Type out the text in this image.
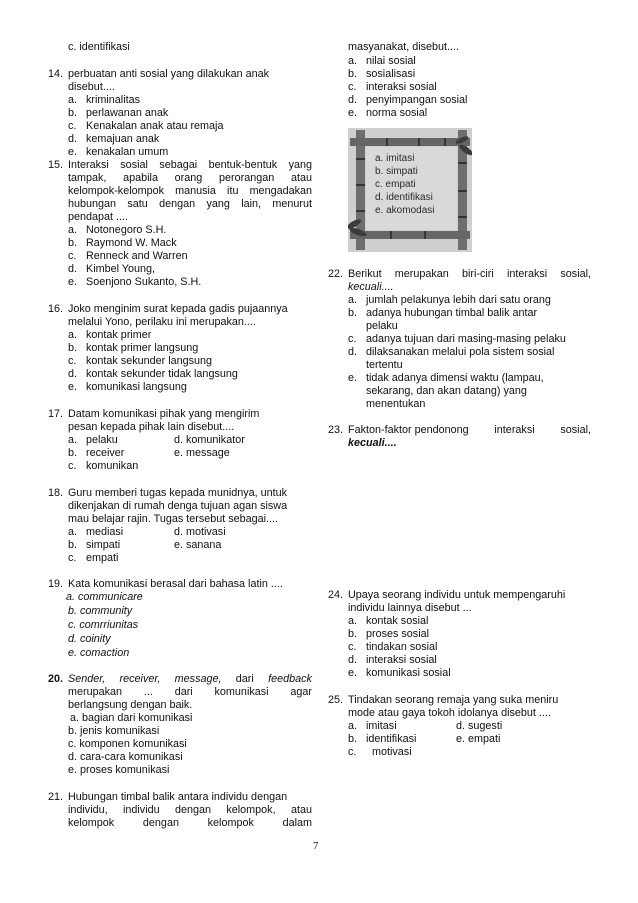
c. identifikasi
14. perbuatan anti sosial yang dilakukan anak
disebut....
a. kriminalitas
b. perlawanan anak
c. Kenakalan anak atau remaja
d. kemajuan anak
e. kenakalan umum
15. Interaksi sosial sebagai bentuk-bentuk yang
tampak, apabila orang perorangan atau
kelompok-kelompok manusia itu mengadakan
hubungan satu dengan yang lain, menurut
pendapat ....
a. Notonegoro S.H.
b. Raymond W. Mack
c. Renneck and Warren
d. Kimbel Young,
e. Soenjono Sukanto, S.H.
16. Joko menginim surat kepada gadis pujaannya
melalui Yono, perilaku ini merupakan....
a. kontak primer
b. kontak primer langsung
c. kontak sekunder langsung
d. kontak sekunder tidak langsung
e. komunikasi langsung
17. Datam komunikasi pihak yang mengirim
pesan kepada pihak lain disebut....
a. pelaku	d. komunikator
b. receiver	e. message
c. komunikan
18. Guru memberi tugas kepada munidnya, untuk
dikenjakan di rumah denga tujuan agan siswa
mau belajar rajin. Tugas tersebut sebagai....
a. mediasi	d. motivasi
b. simpati	e. sanana
c. empati
19. Kata komunikasi berasal dari bahasa latin ....
a. communicare
b. community
c. comrriunitas
d. coinity
e. comaction
20. Sender, receiver, message, dari feedback
merupakan ... dari komunikasi agar
berlangsung dengan baik.
a. bagian dari komunikasi
b. jenis komunikasi
c. komponen komunikasi
d. cara-cara komunikasi
e. proses komunikasi
21. Hubungan timbal balik antara individu dengan
individu, individu dengan kelompok, atau
kelompok	dengan	kelompok	dalam
masyanakat, disebut....
a. nilai sosial
b. sosialisasi
c. interaksi sosial
d. penyimpangan sosial
e. norma sosial
a. imitasi
b. simpati
c. empati
d. identifikasi
e. akomodasi
22. Berikut merupakan biri-ciri interaksi sosial,
kecuali....
a. jumlah pelakunya lebih dari satu orang
b. adanya hubungan timbal balik antar
pelaku
c. adanya tujuan dari masing-masing pelaku
d. dilaksanakan melalui pola sistem sosial
tertentu
e. tidak adanya dimensi waktu (lampau,
sekarang, dan akan datang) yang
menentukan
23. Fakton-faktor pendonong interaksi sosial,
kecuali....
24. Upaya seorang individu untuk mempengaruhi
individu lainnya disebut ...
a. kontak sosial
b. proses sosial
c. tindakan sosial
d. interaksi sosial
e. komunikasi sosial
25. Tindakan seorang remaja yang suka meniru
mode atau gaya tokoh idolanya disebut ....
a. imitasi	d. sugesti
b. identifikasi	e. empati
c. motivasi
7
